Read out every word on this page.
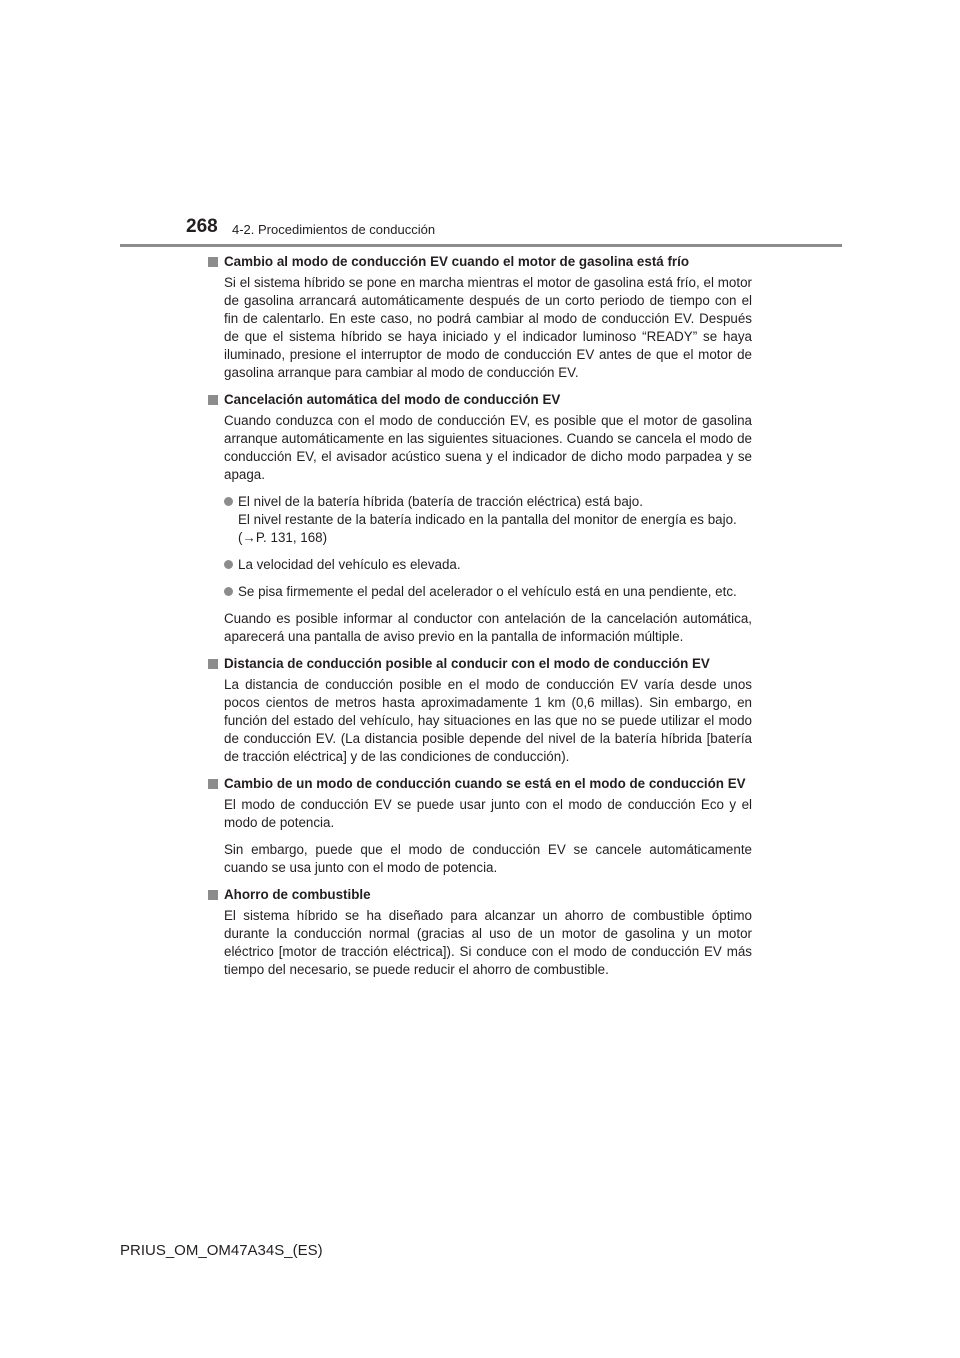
268 4-2. Procedimientos de conducción
Cambio al modo de conducción EV cuando el motor de gasolina está frío
Si el sistema híbrido se pone en marcha mientras el motor de gasolina está frío, el motor de gasolina arrancará automáticamente después de un corto periodo de tiempo con el fin de calentarlo. En este caso, no podrá cambiar al modo de conducción EV. Después de que el sistema híbrido se haya iniciado y el indicador luminoso “READY” se haya iluminado, presione el interruptor de modo de conducción EV antes de que el motor de gasolina arranque para cambiar al modo de conducción EV.
Cancelación automática del modo de conducción EV
Cuando conduzca con el modo de conducción EV, es posible que el motor de gasolina arranque automáticamente en las siguientes situaciones. Cuando se cancela el modo de conducción EV, el avisador acústico suena y el indicador de dicho modo parpadea y se apaga.
El nivel de la batería híbrida (batería de tracción eléctrica) está bajo.
El nivel restante de la batería indicado en la pantalla del monitor de energía es bajo.
(→P. 131, 168)
La velocidad del vehículo es elevada.
Se pisa firmemente el pedal del acelerador o el vehículo está en una pendiente, etc.
Cuando es posible informar al conductor con antelación de la cancelación automática, aparecerá una pantalla de aviso previo en la pantalla de información múltiple.
Distancia de conducción posible al conducir con el modo de conducción EV
La distancia de conducción posible en el modo de conducción EV varía desde unos pocos cientos de metros hasta aproximadamente 1 km (0,6 millas). Sin embargo, en función del estado del vehículo, hay situaciones en las que no se puede utilizar el modo de conducción EV. (La distancia posible depende del nivel de la batería híbrida [batería de tracción eléctrica] y de las condiciones de conducción).
Cambio de un modo de conducción cuando se está en el modo de conducción EV
El modo de conducción EV se puede usar junto con el modo de conducción Eco y el modo de potencia.
Sin embargo, puede que el modo de conducción EV se cancele automáticamente cuando se usa junto con el modo de potencia.
Ahorro de combustible
El sistema híbrido se ha diseñado para alcanzar un ahorro de combustible óptimo durante la conducción normal (gracias al uso de un motor de gasolina y un motor eléctrico [motor de tracción eléctrica]). Si conduce con el modo de conducción EV más tiempo del necesario, se puede reducir el ahorro de combustible.
PRIUS_OM_OM47A34S_(ES)
